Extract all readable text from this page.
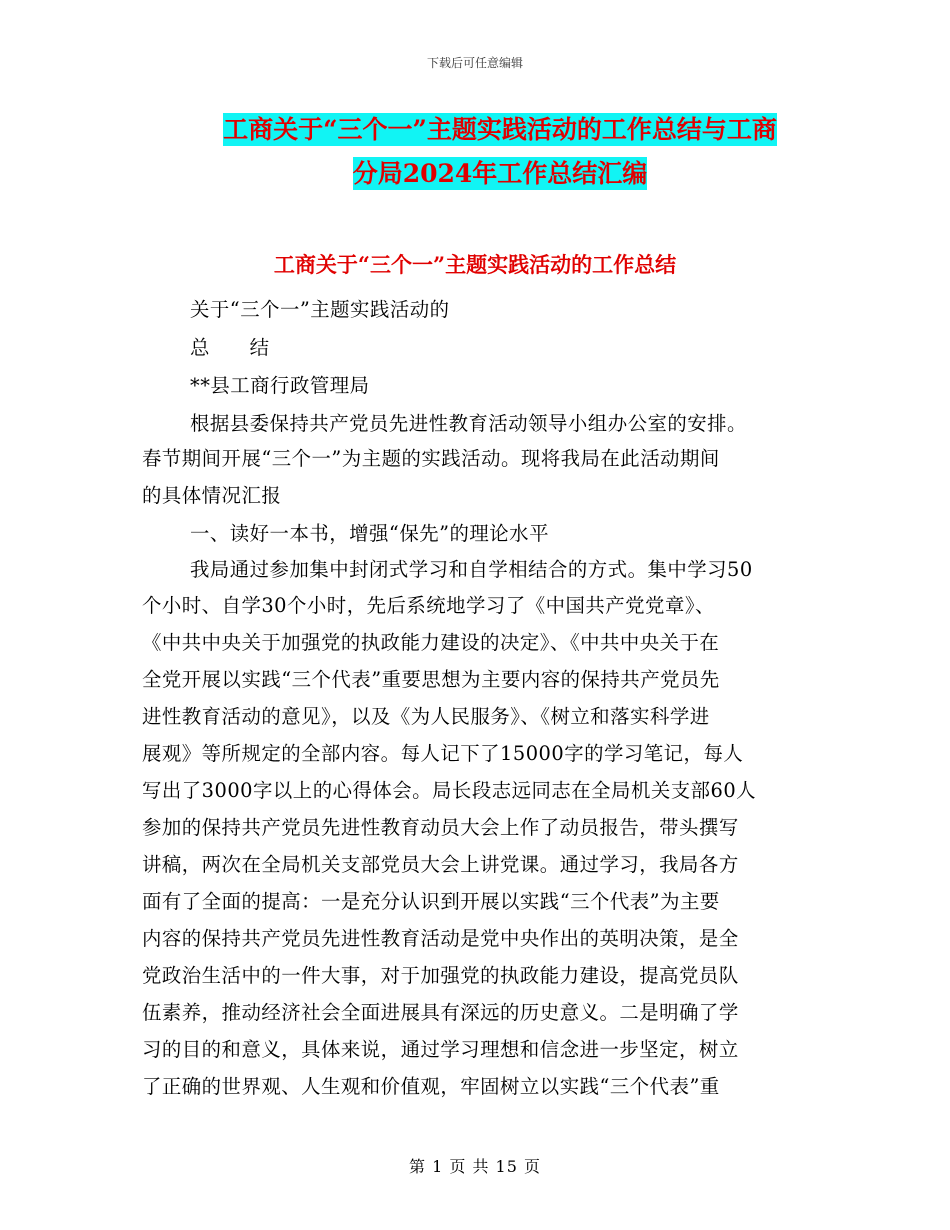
下载后可任意编辑
工商关于“三个一”主题实践活动的工作总结与工商
分局2024年工作总结汇编
工商关于“三个一”主题实践活动的工作总结
关于“三个一”主题实践活动的
总　　结
**县工商行政管理局
根据县委保持共产党员先进性教育活动领导小组办公室的安排。
春节期间开展“三个一”为主题的实践活动。现将我局在此活动期间
的具体情况汇报
一、读好一本书，增强“保先”的理论水平
我局通过参加集中封闭式学习和自学相结合的方式。集中学习50
个小时、自学30个小时，先后系统地学习了《中国共产党党章》、
《中共中央关于加强党的执政能力建设的决定》、《中共中央关于在
全党开展以实践“三个代表”重要思想为主要内容的保持共产党员先
进性教育活动的意见》，以及《为人民服务》、《树立和落实科学进
展观》等所规定的全部内容。每人记下了15000字的学习笔记，每人
写出了3000字以上的心得体会。局长段志远同志在全局机关支部60人
参加的保持共产党员先进性教育动员大会上作了动员报告，带头撰写
讲稿，两次在全局机关支部党员大会上讲党课。通过学习，我局各方
面有了全面的提高：一是充分认识到开展以实践“三个代表”为主要
内容的保持共产党员先进性教育活动是党中央作出的英明决策，是全
党政治生活中的一件大事，对于加强党的执政能力建设，提高党员队
伍素养，推动经济社会全面进展具有深远的历史意义。二是明确了学
习的目的和意义，具体来说，通过学习理想和信念进一步坚定，树立
了正确的世界观、人生观和价值观，牢固树立以实践“三个代表”重
第 1 页 共 15 页
